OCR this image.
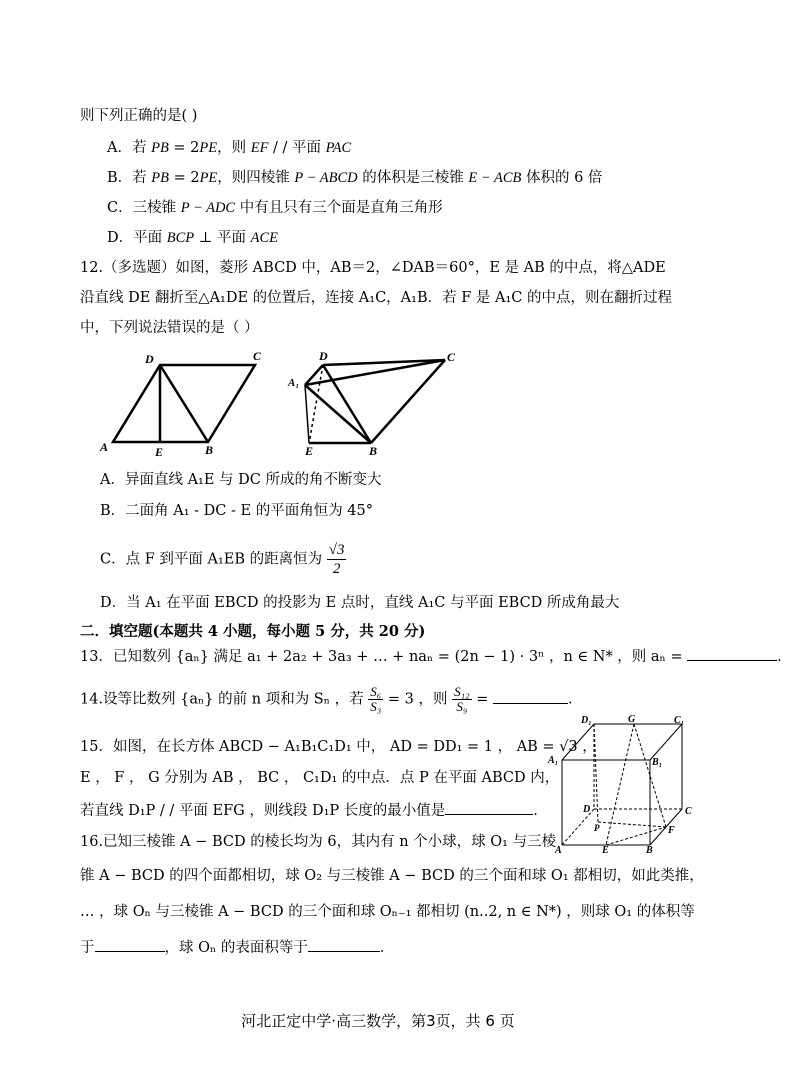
则下列正确的是( )
A．若 PB = 2PE，则 EF / / 平面 PAC
B．若 PB = 2PE，则四棱锥 P − ABCD 的体积是三棱锥 E − ACB 体积的 6 倍
C．三棱锥 P − ADC 中有且只有三个面是直角三角形
D．平面 BCP ⊥ 平面 ACE
12.（多选题）如图，菱形 ABCD 中，AB＝2，∠DAB＝60°，E 是 AB 的中点，将△ADE
沿直线 DE 翻折至△A₁DE 的位置后，连接 A₁C，A₁B．若 F 是 A₁C 的中点，则在翻折过程
中，下列说法错误的是（ ）
D	C
A	E	B
D	C
A₁
E	B
A．异面直线 A₁E 与 DC 所成的角不断变大
B．二面角 A₁ - DC - E 的平面角恒为 45°
C．点 F 到平面 A₁EB 的距离恒为 $\frac{√3}{2}$
D．当 A₁ 在平面 EBCD 的投影为 E 点时，直线 A₁C 与平面 EBCD 所成角最大
二．填空题(本题共 4 小题，每小题 5 分，共 20 分)
13．已知数列 {aₙ} 满足 a₁ + 2a₂ + 3a₃ + … + naₙ = (2n − 1) · 3ⁿ ，n ∈ N* ，则 aₙ =	．
14.设等比数列 {aₙ} 的前 n 项和为 Sₙ ，若 $\frac{\text{S₆}}{\text{S₃}} = 3$ ，则 $\frac{\text{S₁₂}}{\text{S₉}}$ =	．
15．如图，在长方体 ABCD − A₁B₁C₁D₁ 中， AD = DD₁ = 1 ， AB = √3 ，
E ， F ， G 分别为 AB ， BC ， C₁D₁ 的中点．点 P 在平面 ABCD 内，
若直线 D₁P / / 平面 EFG ，则线段 D₁P 长度的最小值是	．
D₁	G	C₁
A₁	B₁
D
P
C
F
A	E	B
16.已知三棱锥 A − BCD 的棱长均为 6，其内有 n 个小球，球 O₁ 与三棱
锥 A − BCD 的四个面都相切，球 O₂ 与三棱锥 A − BCD 的三个面和球 O₁ 都相切，如此类推，
… ，球 Oₙ 与三棱锥 A − BCD 的三个面和球 Oₙ₋₁ 都相切 (n..2, n ∈ N*) ，则球 O₁ 的体积等
于	，球 Oₙ 的表面积等于	．
河北正定中学·高三数学，第3页，共 6 页
